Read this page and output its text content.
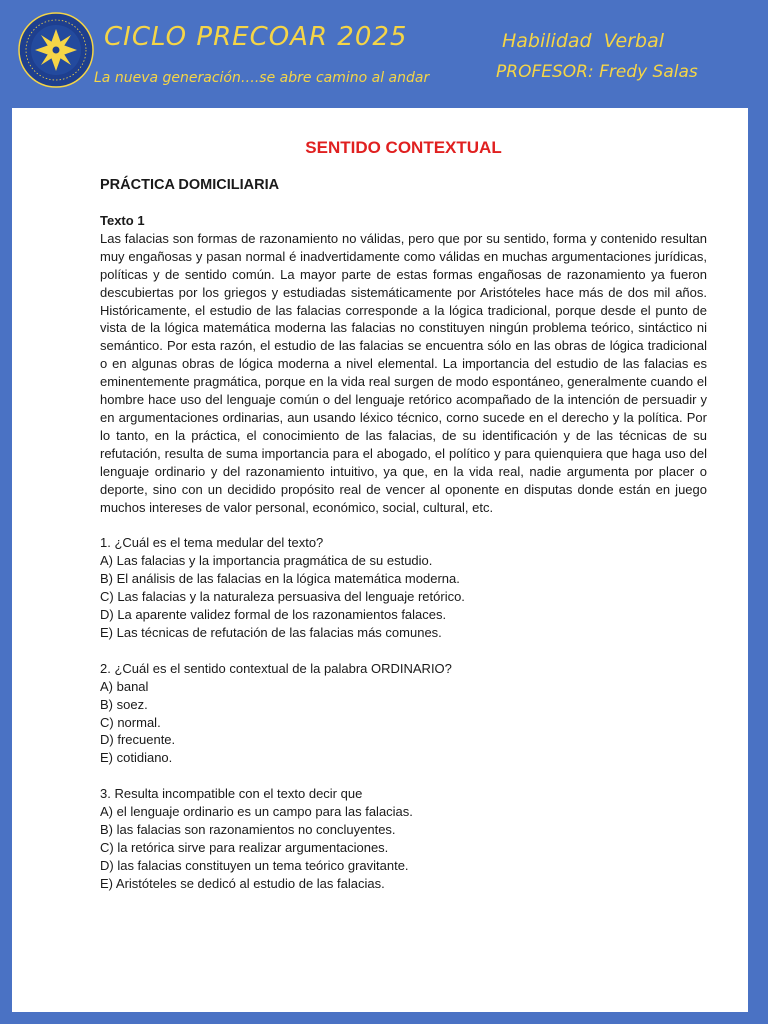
CICLO PRECOAR 2025
La nueva generación….se abre camino al andar
Habilidad Verbal
PROFESOR: Fredy Salas
SENTIDO CONTEXTUAL
PRÁCTICA DOMICILIARIA
Texto 1

Las falacias son formas de razonamiento no válidas, pero que por su sentido, forma y contenido resultan muy engañosas y pasan normal é inadvertidamente como válidas en muchas argumentaciones jurídicas, políticas y de sentido común. La mayor parte de estas formas engañosas de razonamiento ya fueron descubiertas por los griegos y estudiadas sistemáticamente por Aristóteles hace más de dos mil años. Históricamente, el estudio de las falacias corresponde a la lógica tradicional, porque desde el punto de vista de la lógica matemática moderna las falacias no constituyen ningún problema teórico, sintáctico ni semántico. Por esta razón, el estudio de las falacias se encuentra sólo en las obras de lógica tradicional o en algunas obras de lógica moderna a nivel elemental. La importancia del estudio de las falacias es eminentemente pragmática, porque en la vida real surgen de modo espontáneo, generalmente cuando el hombre hace uso del lenguaje común o del lenguaje retórico acompañado de la intención de persuadir y en argumentaciones ordinarias, aun usando léxico técnico, corno sucede en el derecho y la política. Por lo tanto, en la práctica, el conocimiento de las falacias, de su identificación y de las técnicas de su refutación, resulta de suma importancia para el abogado, el político y para quienquiera que haga uso del lenguaje ordinario y del razonamiento intuitivo, ya que, en la vida real, nadie argumenta por placer o deporte, sino con un decidido propósito real de vencer al oponente en disputas donde están en juego muchos intereses de valor personal, económico, social, cultural, etc.

1. ¿Cuál es el tema medular del texto?
A) Las falacias y la importancia pragmática de su estudio.
B) El análisis de las falacias en la lógica matemática moderna.
C) Las falacias y la naturaleza persuasiva del lenguaje retórico.
D) La aparente validez formal de los razonamientos falaces.
E) Las técnicas de refutación de las falacias más comunes.
2. ¿Cuál es el sentido contextual de la palabra ORDINARIO?
A) banal
B) soez.
C) normal.
D) frecuente.
E) cotidiano.
3. Resulta incompatible con el texto decir que
A) el lenguaje ordinario es un campo para las falacias.
B) las falacias son razonamientos no concluyentes.
C) la retórica sirve para realizar argumentaciones.
D) las falacias constituyen un tema teórico gravitante.
E) Aristóteles se dedicó al estudio de las falacias.
